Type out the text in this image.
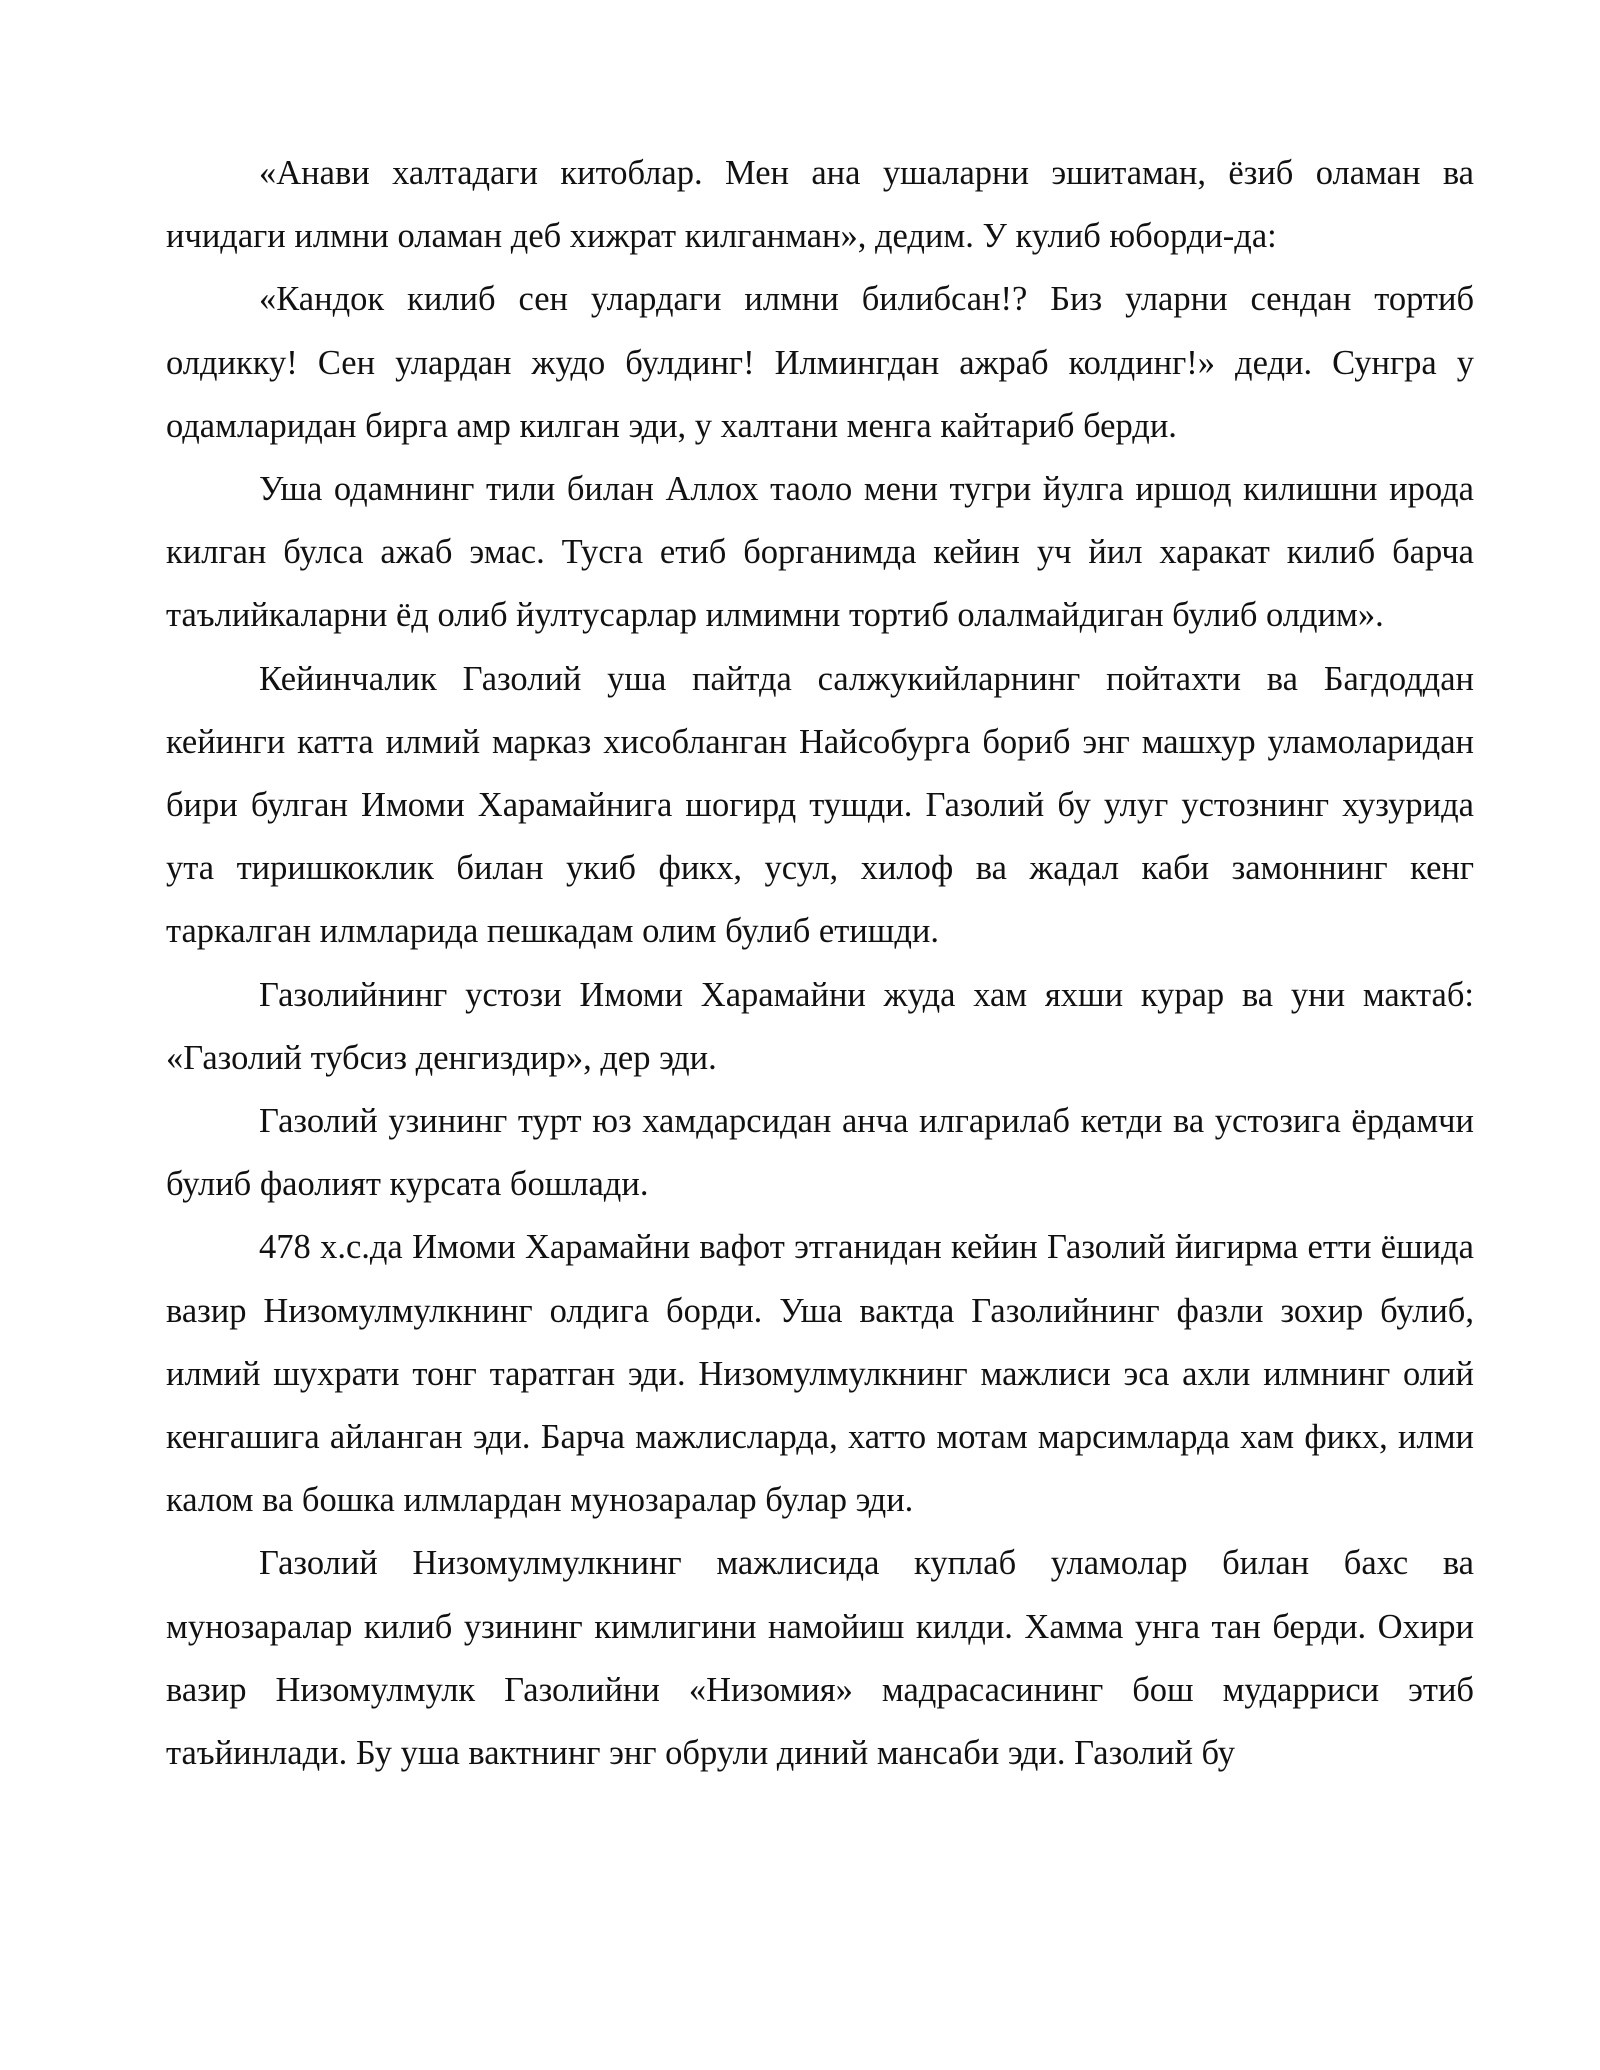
«Анави халтадаги китоблар. Мен ана ушаларни эшитаман, ёзиб оламан ва ичидаги илмни оламан деб хижрат килганман», дедим. У кулиб юборди-да:

«Кандок килиб сен улардаги илмни билибсан!? Биз уларни сендан тортиб олдикку! Сен улардан жудо булдинг! Илмингдан ажраб колдинг!» деди. Сунгра у одамларидан бирга амр килган эди, у халтани менга кайтариб берди.

Уша одамнинг тили билан Аллох таоло мени тугри йулга иршод килишни ирода килган булса ажаб эмас. Тусга етиб борганимда кейин уч йил харакат килиб барча таълийкаларни ёд олиб йултусарлар илмимни тортиб олалмайдиган булиб олдим».

Кейинчалик Газолий уша пайтда салжукийларнинг пойтахти ва Багдоддан кейинги катта илмий марказ хисобланган Найсобурга бориб энг машхур уламоларидан бири булган Имоми Харамайнига шогирд тушди. Газолий бу улуг устознинг хузурида ута тиришкоклик билан укиб фикх, усул, хилоф ва жадал каби замоннинг кенг таркалган илмларида пешкадам олим булиб етишди.

Газолийнинг устози Имоми Харамайни жуда хам яхши курар ва уни мактаб: «Газолий тубсиз денгиздир», дер эди.

Газолий узининг турт юз хамдарсидан анча илгарилаб кетди ва устозига ёрдамчи булиб фаолият курсата бошлади.

478 х.с.да Имоми Харамайни вафот этганидан кейин Газолий йигирма етти ёшида вазир Низомулмулкнинг олдига борди. Уша вактда Газолийнинг фазли зохир булиб, илмий шухрати тонг таратган эди. Низомулмулкнинг мажлиси эса ахли илмнинг олий кенгашига айланган эди. Барча мажлисларда, хатто мотам марсимларда хам фикх, илми калом ва бошка илмлардан мунозаралар булар эди.

Газолий Низомулмулкнинг мажлисида куплаб уламолар билан бахс ва мунозаралар килиб узининг кимлигини намойиш килди. Хамма унга тан берди. Охири вазир Низомулмулк Газолийни «Низомия» мадрасасининг бош мударриси этиб таъйинлади. Бу уша вактнинг энг обрули диний мансаби эди. Газолий бу
